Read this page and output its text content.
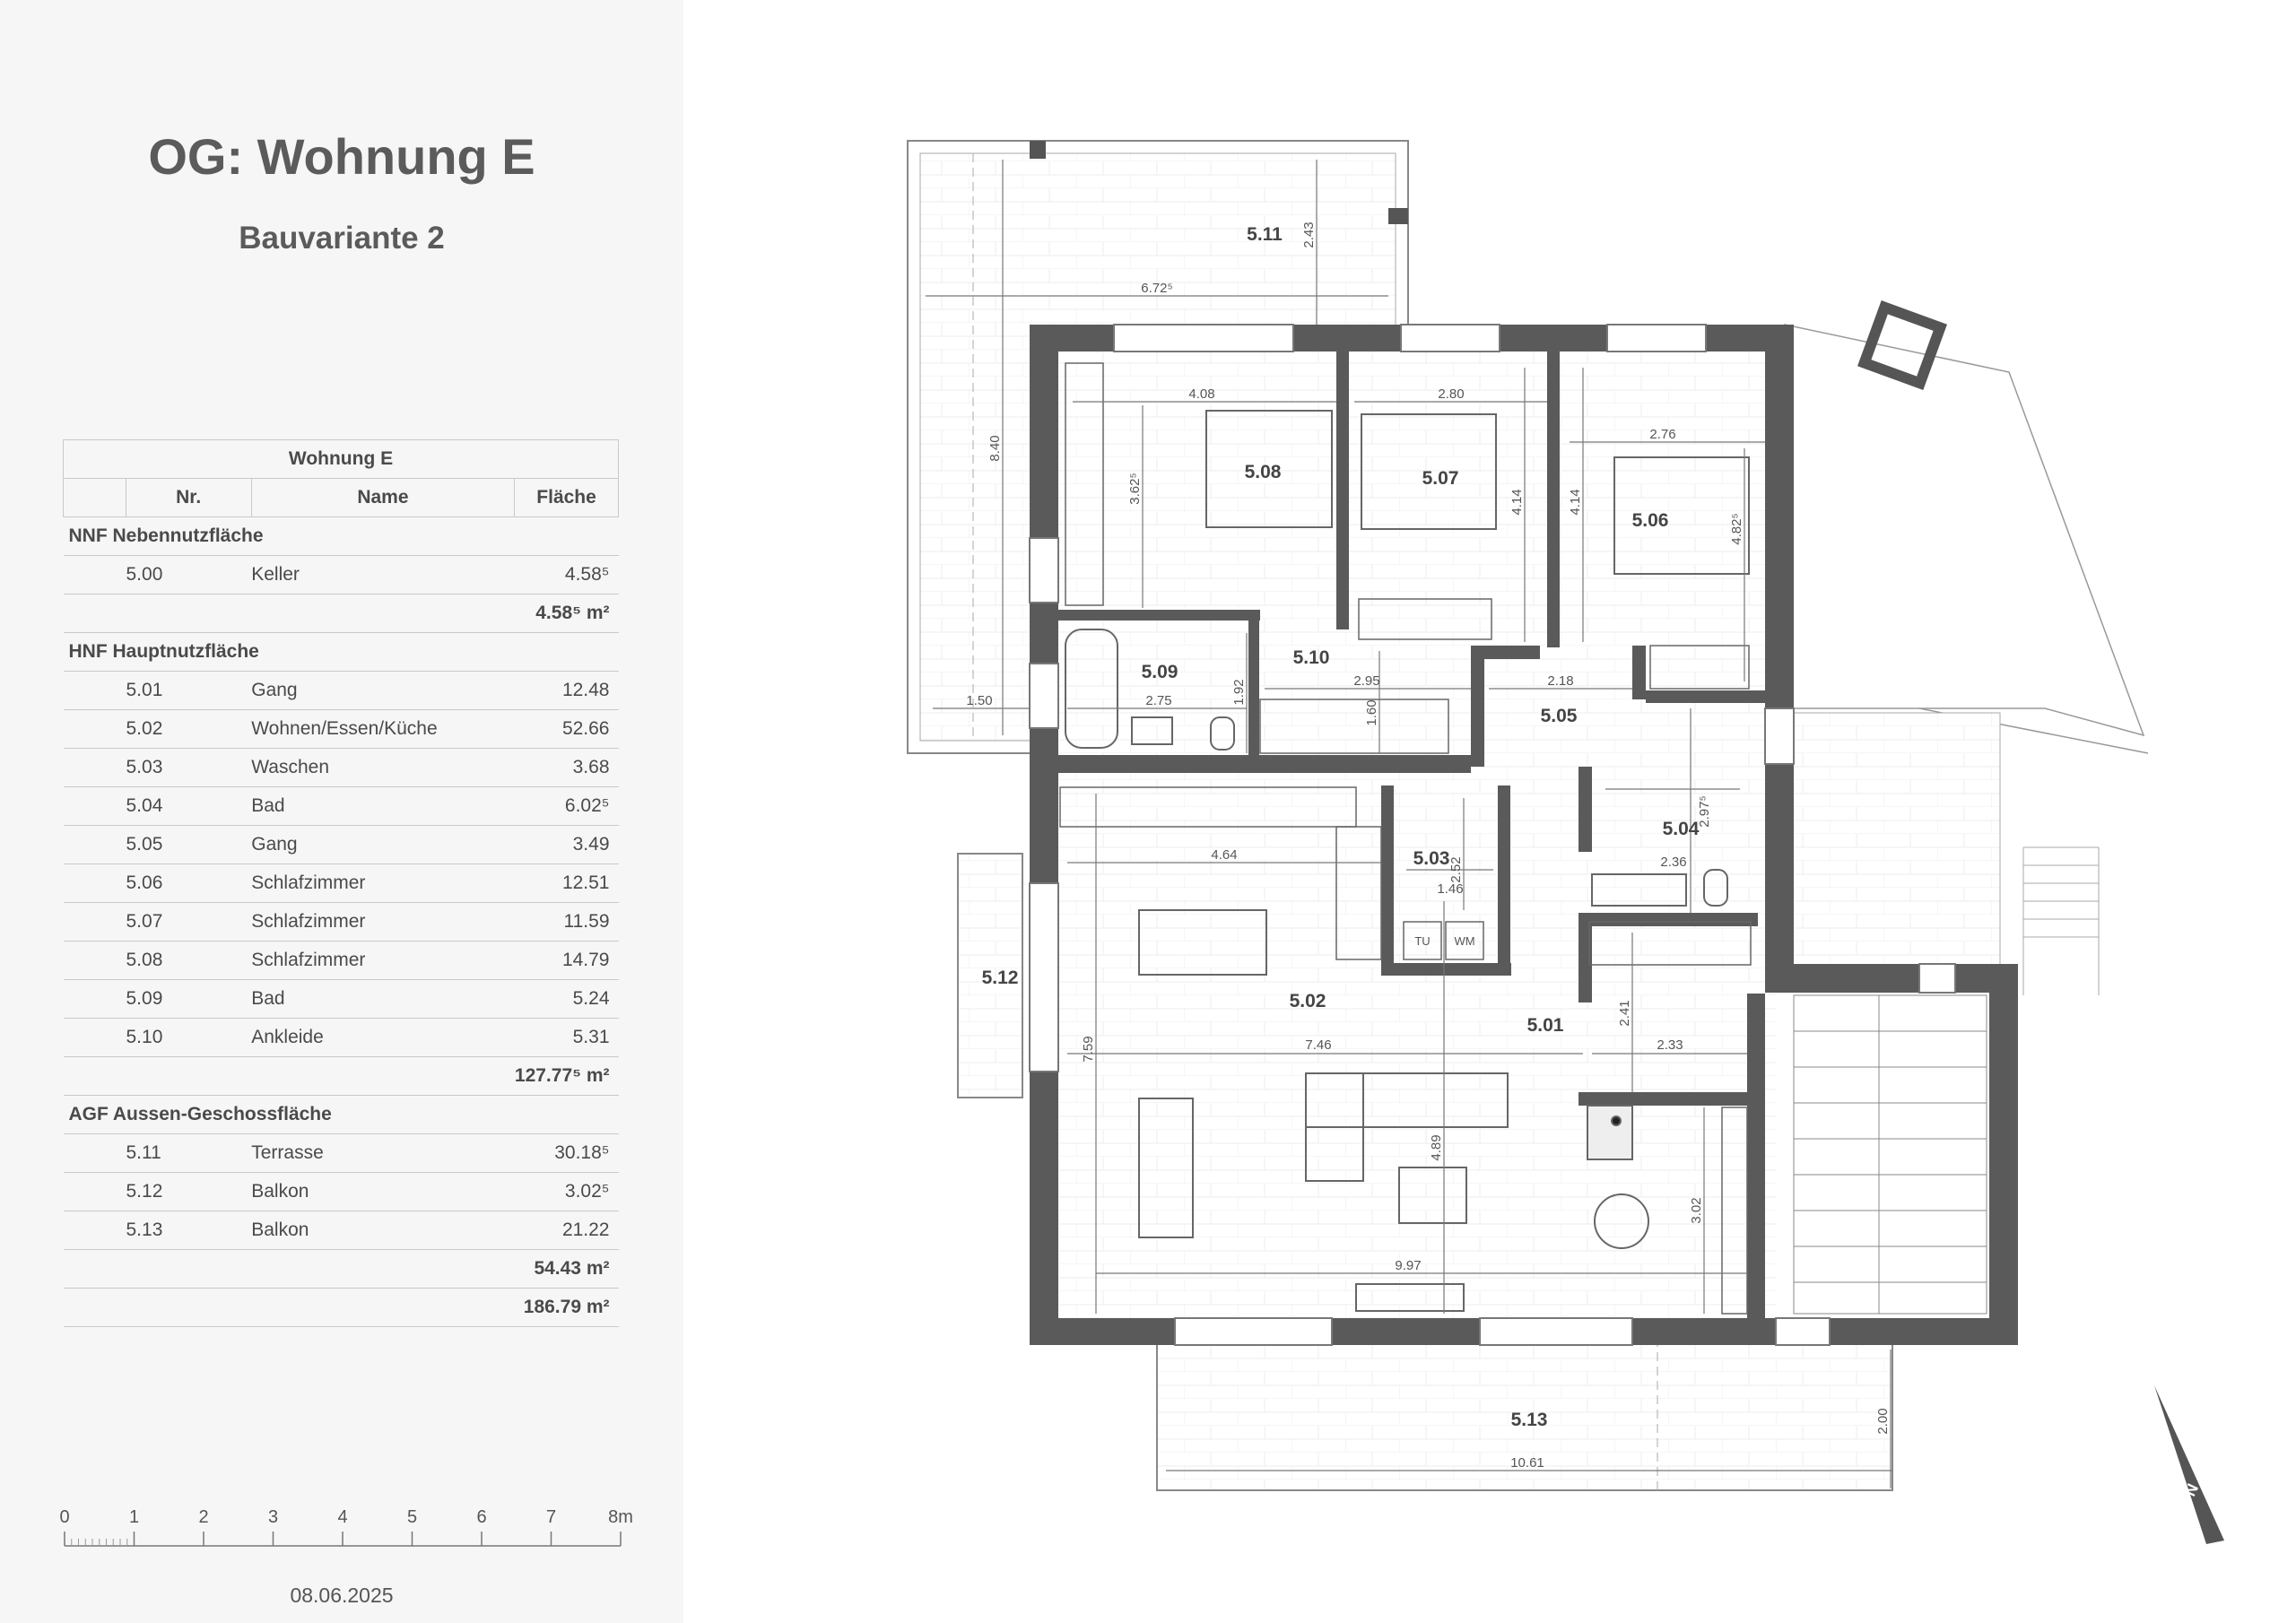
OG: Wohnung E
Bauvariante 2
Wohnung E			
	Nr.	Name	Fläche
NNF Nebennutzfläche			
5.00		Keller	4.58⁵
4.58⁵ m²			
HNF Hauptnutzfläche			
5.01		Gang	12.48
5.02		Wohnen/Essen/Küche	52.66
5.03		Waschen	3.68
5.04		Bad	6.02⁵
5.05		Gang	3.49
5.06		Schlafzimmer	12.51
5.07		Schlafzimmer	11.59
5.08		Schlafzimmer	14.79
5.09		Bad	5.24
5.10		Ankleide	5.31
127.77⁵ m²			
AGF Aussen-Geschossfläche			
5.11		Terrasse	30.18⁵
5.12		Balkon	3.02⁵
5.13		Balkon	21.22
54.43 m²			
186.79 m²			
0	1	2	3	4	5	6	7	8m
08.06.2025
5.08	5.07
5.06
5.09
5.10
5.05
5.04
5.03
5.02
5.01
5.11
5.12
5.13
6.72⁵
2.43
8.40
1.50
4.08
3.62⁵
2.80
4.14
2.76
4.14
4.82⁵
1.92
2.75
2.95
1.60
2.18
2.97⁵
2.36
2.52
1.46
4.64
7.59	7.46
4.89
9.97
2.41
2.33
3.02
10.61
2.00
TU WM
N
